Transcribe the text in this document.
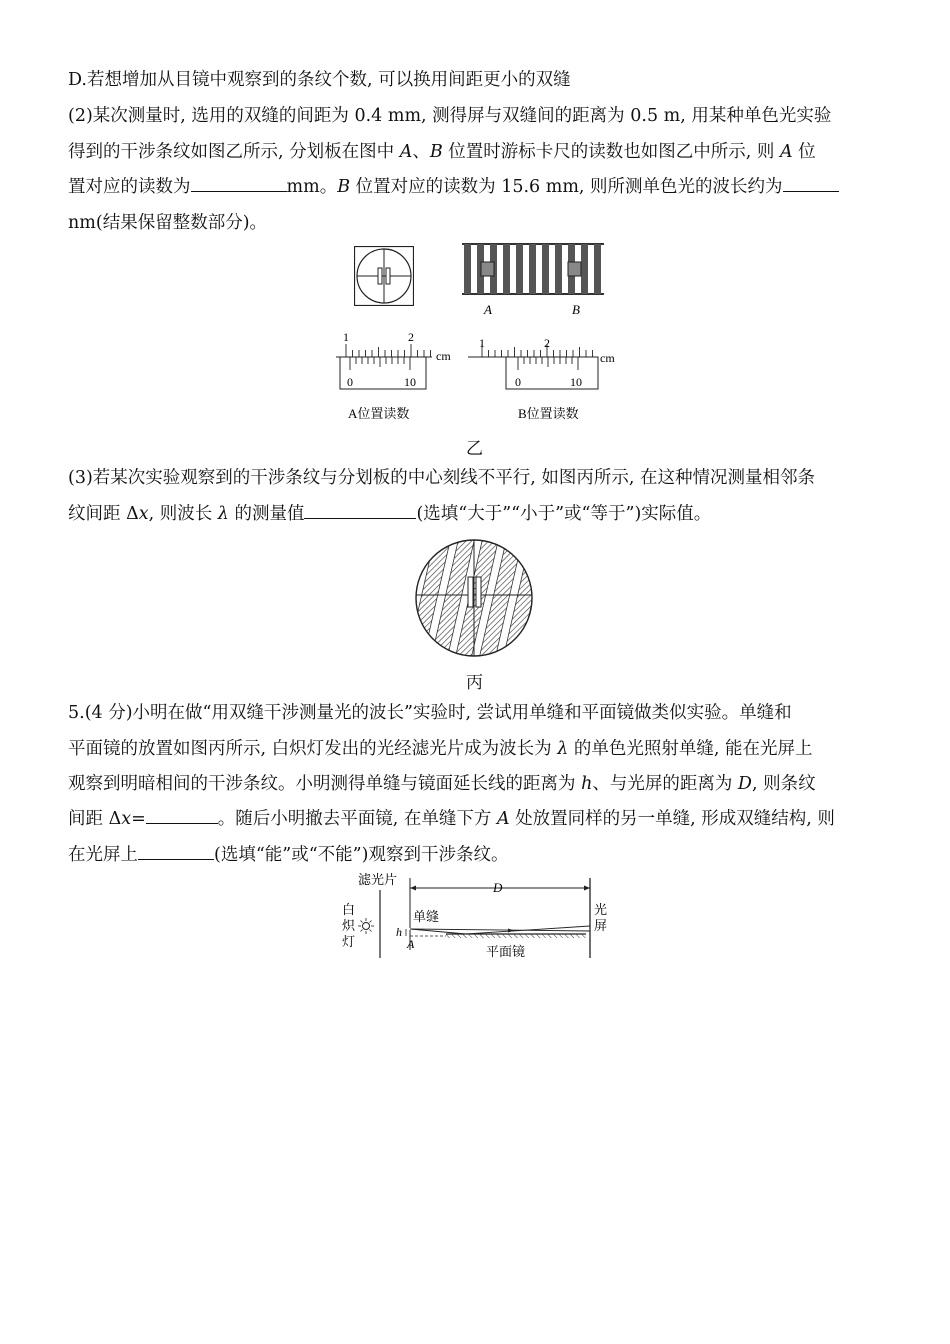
D.若想增加从目镜中观察到的条纹个数, 可以换用间距更小的双缝
(2)某次测量时, 选用的双缝的间距为 0.4 mm, 测得屏与双缝间的距离为 0.5 m, 用某种单色光实验
得到的干涉条纹如图乙所示, 分划板在图中 A、B 位置时游标卡尺的读数也如图乙中所示, 则 A 位
置对应的读数为	mm。B 位置对应的读数为 15.6 mm, 则所测单色光的波长约为
nm(结果保留整数部分)。
A	B
1	2
cm
0	10
A位置读数
1	2
cm
0	10
B位置读数
乙
(3)若某次实验观察到的干涉条纹与分划板的中心刻线不平行, 如图丙所示, 在这种情况测量相邻条
纹间距 Δx, 则波长 λ 的测量值	(选填“大于”“小于”或“等于”)实际值。
丙
5.(4 分)小明在做“用双缝干涉测量光的波长”实验时, 尝试用单缝和平面镜做类似实验。单缝和
平面镜的放置如图丙所示, 白炽灯发出的光经滤光片成为波长为 λ 的单色光照射单缝, 能在光屏上
观察到明暗相间的干涉条纹。小明测得单缝与镜面延长线的距离为 h、与光屏的距离为 D, 则条纹
间距 Δx=	。随后小明撤去平面镜, 在单缝下方 A 处放置同样的另一单缝, 形成双缝结构, 则
在光屏上	(选填“能”或“不能”)观察到干涉条纹。
滤光片
白
炽
灯
D
单缝
h
A	平面镜
光
屏
